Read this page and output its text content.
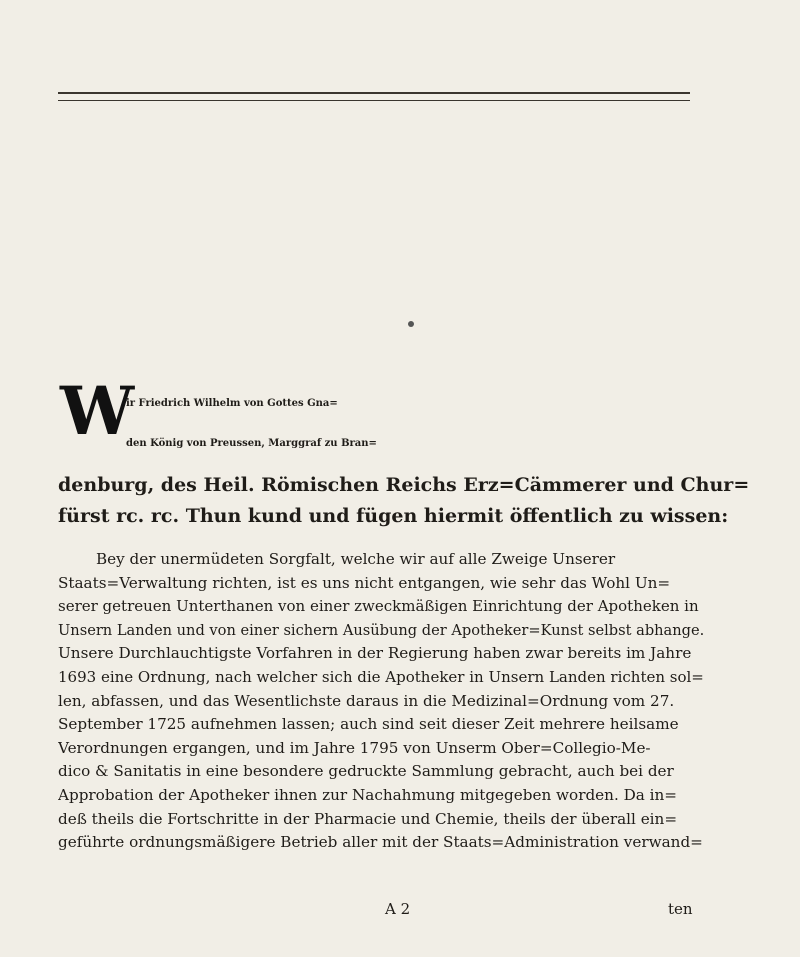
W
ir Friedrich Wilhelm von Gottes Gna=
den König von Preussen, Marggraf zu Bran=
denburg, des Heil. Römischen Reichs Erz=Cämmerer und Chur=
fürst rc. rc. Thun kund und fügen hiermit öffentlich zu wissen:
Bey der unermüdeten Sorgfalt, welche wir auf alle Zweige Unserer
Staats=Verwaltung richten, ist es uns nicht entgangen, wie sehr das Wohl Un=
serer getreuen Unterthanen von einer zweckmäßigen Einrichtung der Apotheken in
Unsern Landen und von einer sichern Ausübung der Apotheker=Kunst selbst abhange.
Unsere Durchlauchtigste Vorfahren in der Regierung haben zwar bereits im Jahre
1693 eine Ordnung, nach welcher sich die Apotheker in Unsern Landen richten sol=
len, abfassen, und das Wesentlichste daraus in die Medizinal=Ordnung vom 27.
September 1725 aufnehmen lassen; auch sind seit dieser Zeit mehrere heilsame
Verordnungen ergangen, und im Jahre 1795 von Unserm Ober=Collegio-Me-
dico & Sanitatis in eine besondere gedruckte Sammlung gebracht, auch bei der
Approbation der Apotheker ihnen zur Nachahmung mitgegeben worden. Da in=
deß theils die Fortschritte in der Pharmacie und Chemie, theils der überall ein=
geführte ordnungsmäßigere Betrieb aller mit der Staats=Administration verwand=
A 2	ten
